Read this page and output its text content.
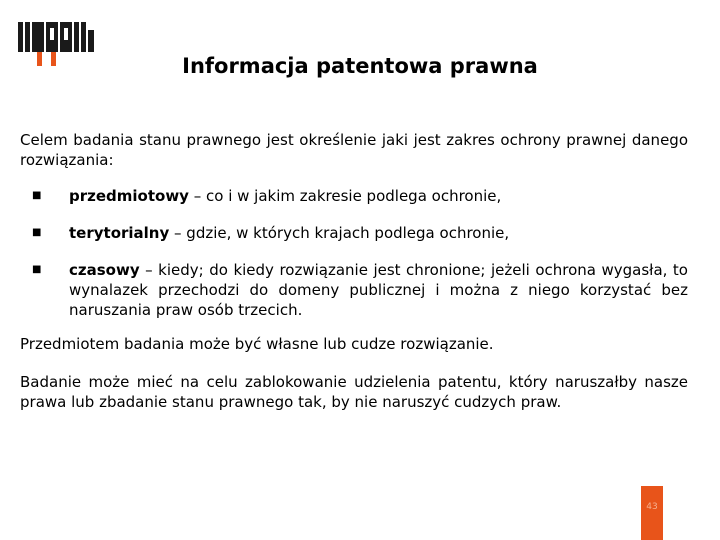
Informacja patentowa prawna

Celem badania stanu prawnego jest określenie jaki jest zakres ochrony prawnej danego rozwiązania:

■ przedmiotowy – co i w jakim zakresie podlega ochronie,
■ terytorialny – gdzie, w których krajach podlega ochronie,
■ czasowy – kiedy; do kiedy rozwiązanie jest chronione; jeżeli ochrona wygasła, to wynalazek przechodzi do domeny publicznej i można z niego korzystać bez naruszania praw osób trzecich.

Przedmiotem badania może być własne lub cudze rozwiązanie.

Badanie może mieć na celu zablokowanie udzielenia patentu, który naruszałby nasze prawa lub zbadanie stanu prawnego tak, by nie naruszyć cudzych praw.

43
